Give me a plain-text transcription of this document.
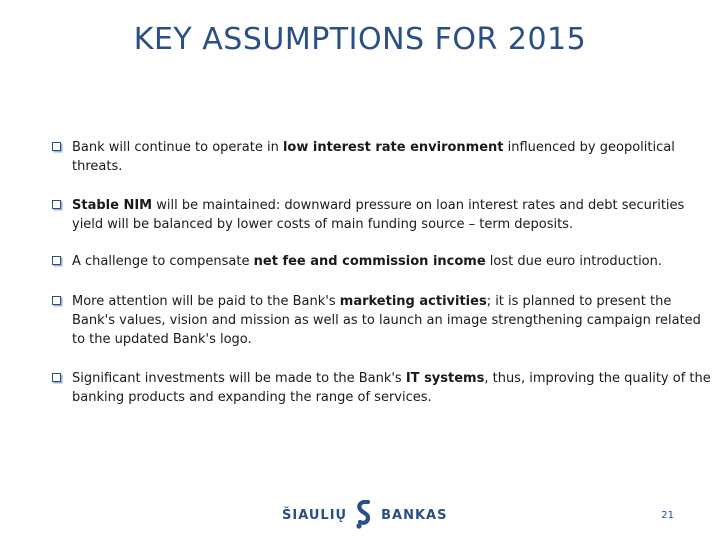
KEY ASSUMPTIONS FOR 2015
Bank will continue to operate in low interest rate environment influenced by geopolitical threats.
Stable NIM will be maintained: downward pressure on loan interest rates and debt securities yield will be balanced by lower costs of main funding source – term deposits.
A challenge to compensate net fee and commission income lost due euro introduction.
More attention will be paid to the Bank's marketing activities; it is planned to present the Bank's values, vision and mission as well as to launch an image strengthening campaign related to the updated Bank's logo.
Significant investments will be made to the Bank's IT systems, thus, improving the quality of the banking products and expanding the range of services.
ŠIAULIŲ	BANKAS	21
